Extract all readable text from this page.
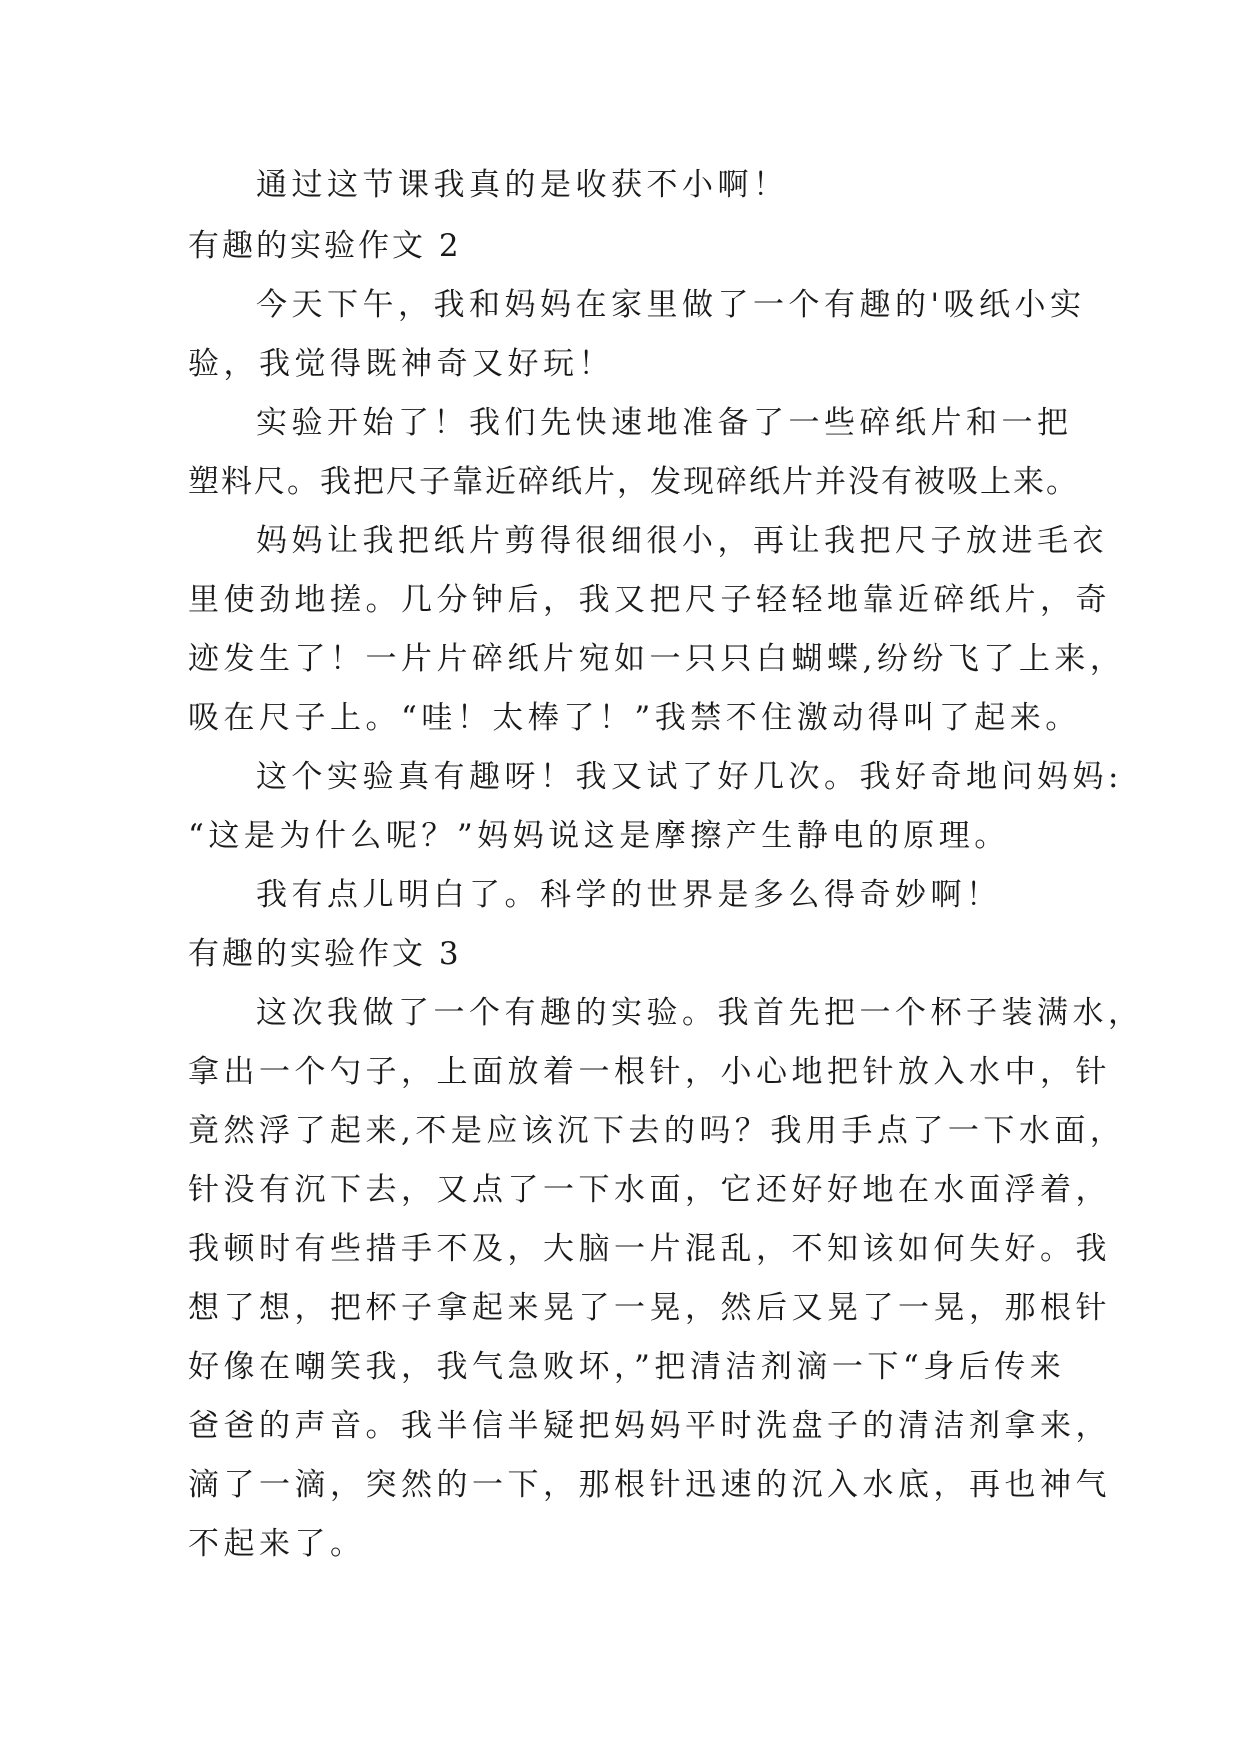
通过这节课我真的是收获不小啊！
有趣的实验作文 2
今天下午，我和妈妈在家里做了一个有趣的'吸纸小实
验，我觉得既神奇又好玩！
实验开始了！我们先快速地准备了一些碎纸片和一把
塑料尺。我把尺子靠近碎纸片，发现碎纸片并没有被吸上来。
妈妈让我把纸片剪得很细很小，再让我把尺子放进毛衣
里使劲地搓。几分钟后，我又把尺子轻轻地靠近碎纸片，奇
迹发生了！一片片碎纸片宛如一只只白蝴蝶,纷纷飞了上来，
吸在尺子上。“哇！太棒了！”我禁不住激动得叫了起来。
这个实验真有趣呀！我又试了好几次。我好奇地问妈妈:
“这是为什么呢？”妈妈说这是摩擦产生静电的原理。
我有点儿明白了。科学的世界是多么得奇妙啊！
有趣的实验作文 3
这次我做了一个有趣的实验。我首先把一个杯子装满水，
拿出一个勺子，上面放着一根针，小心地把针放入水中，针
竟然浮了起来,不是应该沉下去的吗？我用手点了一下水面，
针没有沉下去，又点了一下水面，它还好好地在水面浮着，
我顿时有些措手不及，大脑一片混乱，不知该如何失好。我
想了想，把杯子拿起来晃了一晃，然后又晃了一晃，那根针
好像在嘲笑我，我气急败坏，”把清洁剂滴一下“身后传来
爸爸的声音。我半信半疑把妈妈平时洗盘子的清洁剂拿来，
滴了一滴，突然的一下，那根针迅速的沉入水底，再也神气
不起来了。
